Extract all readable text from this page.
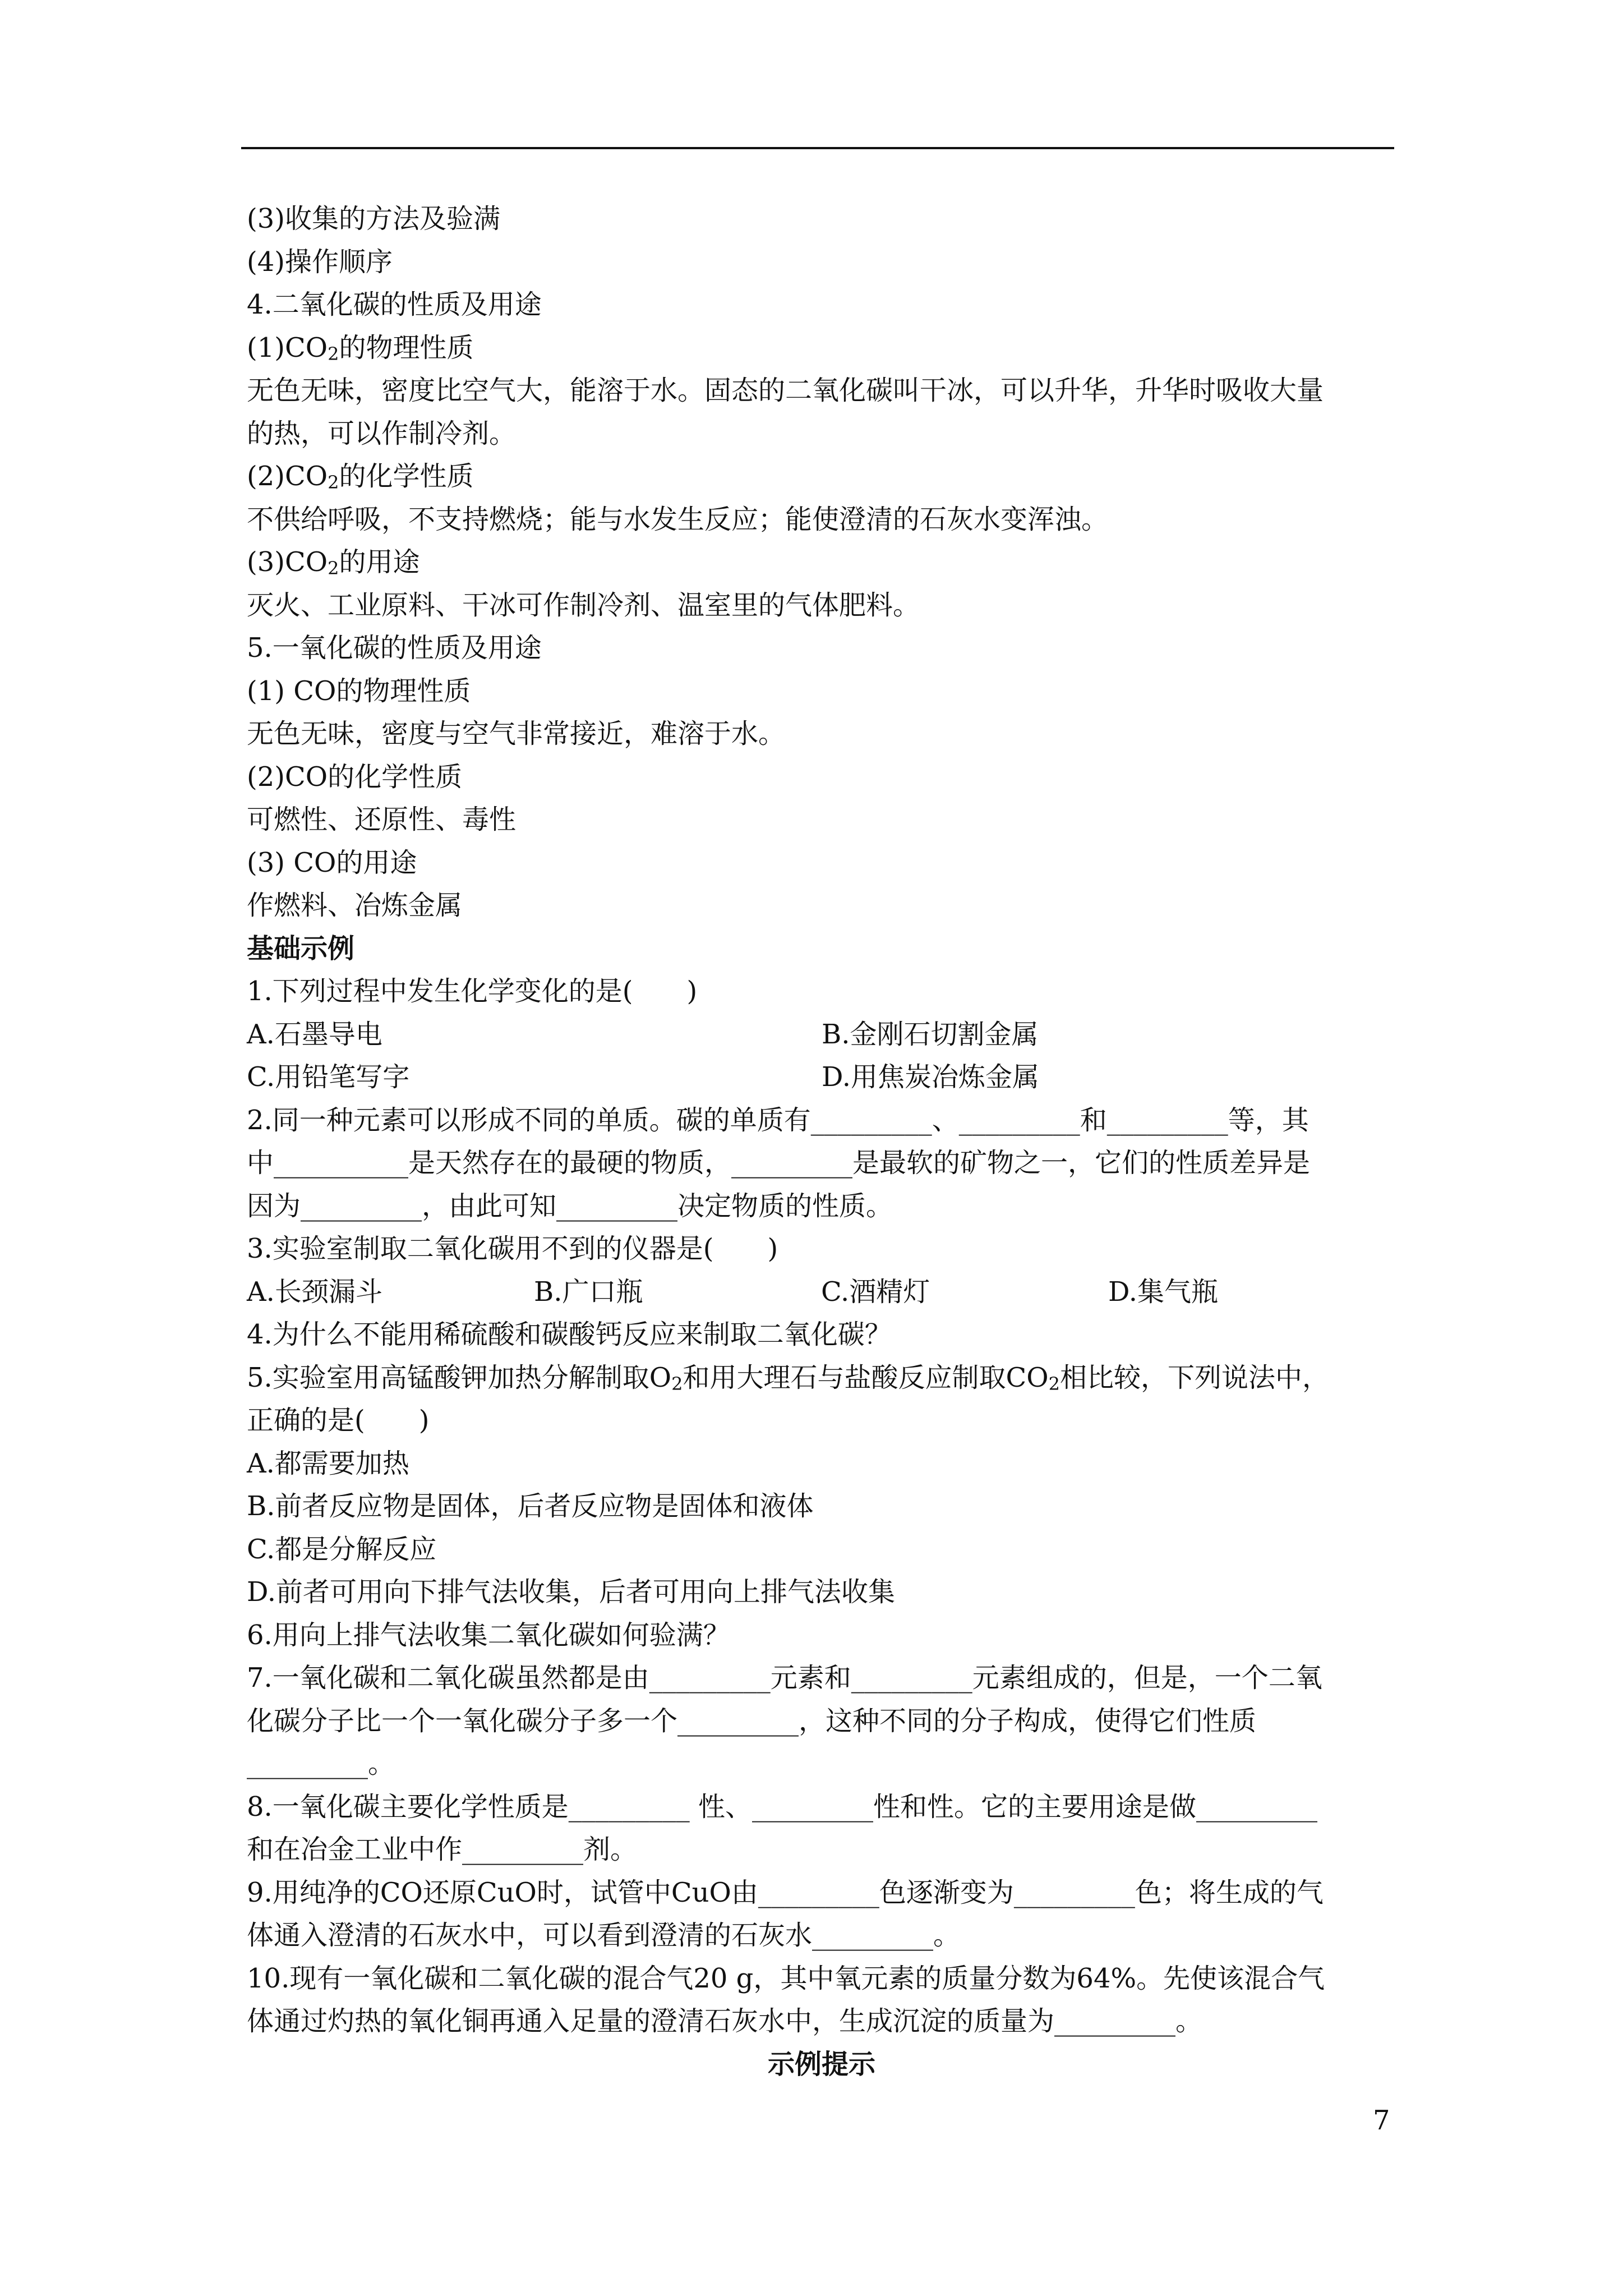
(3)收集的方法及验满
(4)操作顺序
4.二氧化碳的性质及用途
$(1)CO_2$的物理性质
无色无味，密度比空气大，能溶于水。固态的二氧化碳叫干冰，可以升华，升华时吸收大量
的热，可以作制冷剂。
$(2)CO_2$的化学性质
不供给呼吸，不支持燃烧；能与水发生反应；能使澄清的石灰水变浑浊。
$(3)CO_2$的用途
灭火、工业原料、干冰可作制冷剂、温室里的气体肥料。
5.一氧化碳的性质及用途
(1) CO的物理性质
无色无味，密度与空气非常接近，难溶于水。
(2)CO的化学性质
可燃性、还原性、毒性
(3) CO的用途
作燃料、冶炼金属
基础示例
1.下列过程中发生化学变化的是(　　)
A.石墨导电	B.金刚石切割金属
C.用铅笔写字	D.用焦炭冶炼金属
2.同一种元素可以形成不同的单质。碳的单质有_________、_________和_________等，其
中__________是天然存在的最硬的物质，_________是最软的矿物之一，它们的性质差异是
因为_________，由此可知_________决定物质的性质。
3.实验室制取二氧化碳用不到的仪器是(　　)
A.长颈漏斗	B.广口瓶	C.酒精灯	D.集气瓶
4.为什么不能用稀硫酸和碳酸钙反应来制取二氧化碳？
5.实验室用高锰酸钾加热分解制取$O_2$和用大理石与盐酸反应制取$CO_2$相比较，下列说法中，
正确的是(　　)
A.都需要加热
B.前者反应物是固体，后者反应物是固体和液体
C.都是分解反应
D.前者可用向下排气法收集，后者可用向上排气法收集
6.用向上排气法收集二氧化碳如何验满？
7.一氧化碳和二氧化碳虽然都是由_________元素和_________元素组成的，但是，一个二氧
化碳分子比一个一氧化碳分子多一个_________，这种不同的分子构成，使得它们性质
_________。
8.一氧化碳主要化学性质是_________ 性、_________性和性。它的主要用途是做_________
和在冶金工业中作_________剂。
9.用纯净的CO还原CuO时，试管中CuO由_________色逐渐变为_________色；将生成的气
体通入澄清的石灰水中，可以看到澄清的石灰水_________。
10.现有一氧化碳和二氧化碳的混合气20 g，其中氧元素的质量分数为64%。先使该混合气
体通过灼热的氧化铜再通入足量的澄清石灰水中，生成沉淀的质量为_________。
示例提示
7
